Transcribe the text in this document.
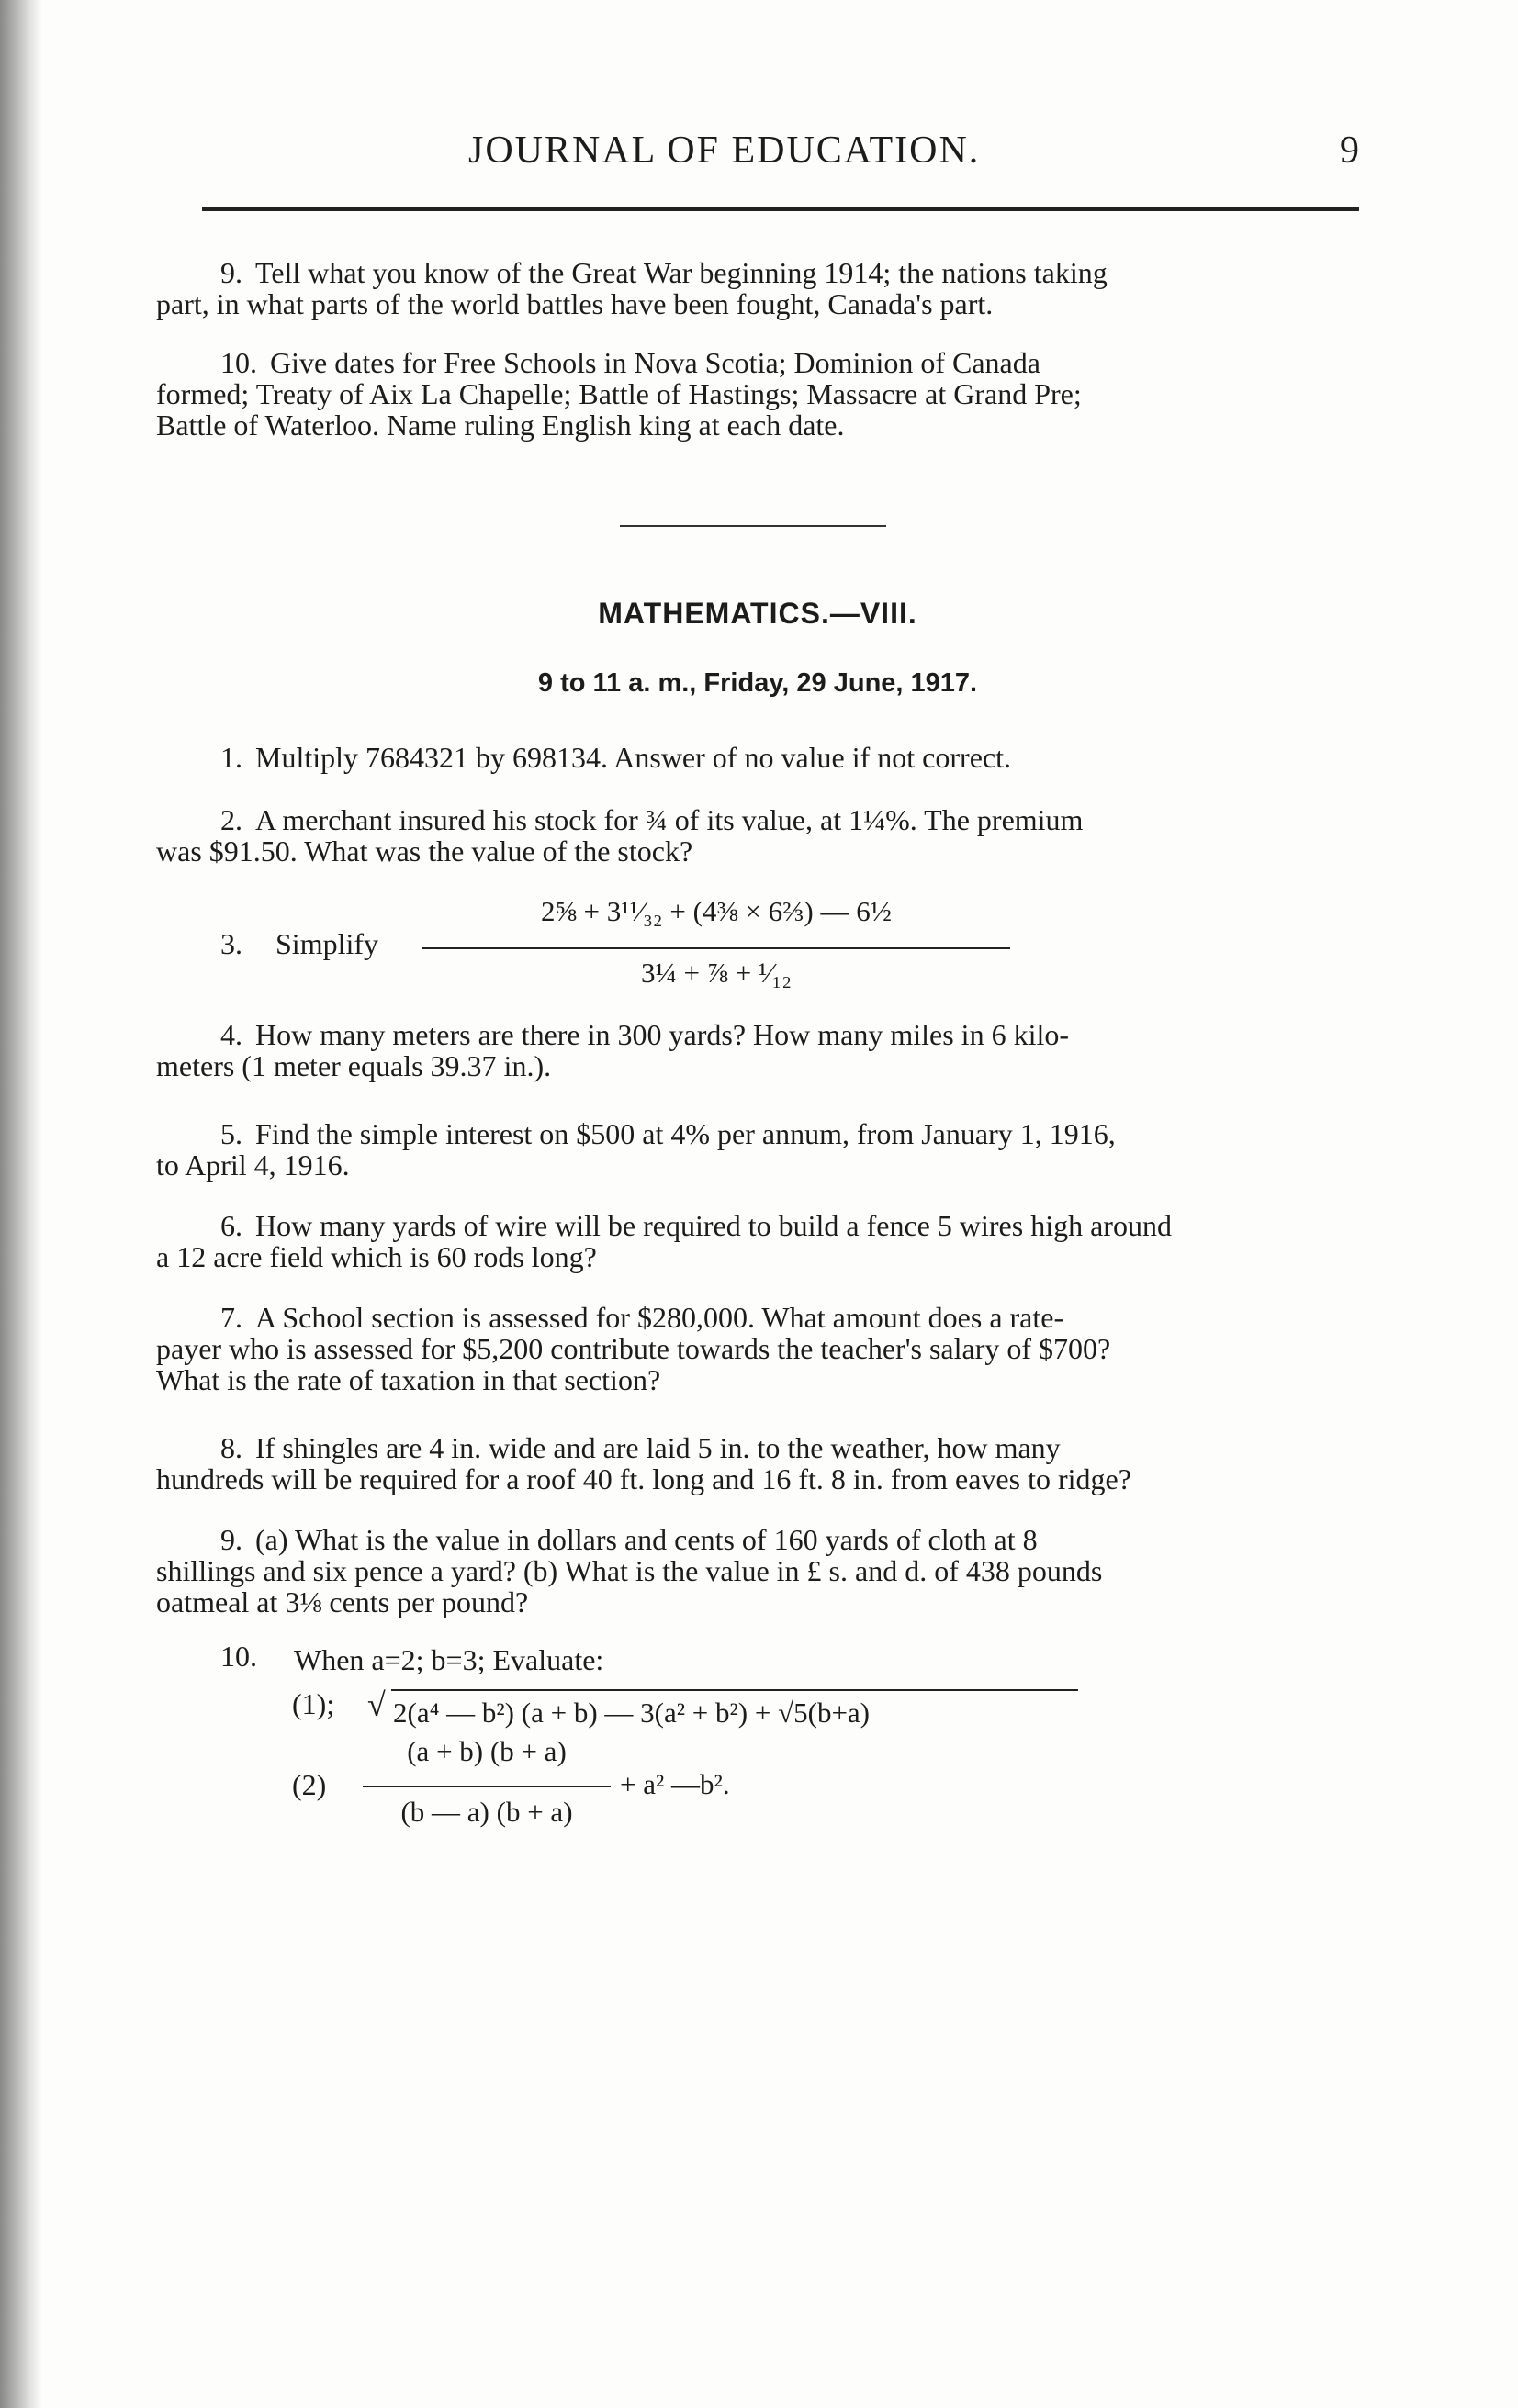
JOURNAL OF EDUCATION.	9
9. Tell what you know of the Great War beginning 1914; the nations taking
part, in what parts of the world battles have been fought, Canada's part.
10. Give dates for Free Schools in Nova Scotia; Dominion of Canada
formed; Treaty of Aix La Chapelle; Battle of Hastings; Massacre at Grand Pre;
Battle of Waterloo. Name ruling English king at each date.
MATHEMATICS.—VIII.
9 to 11 a. m., Friday, 29 June, 1917.
1. Multiply 7684321 by 698134. Answer of no value if not correct.
2. A merchant insured his stock for ¾ of its value, at 1¼%. The premium
was $91.50. What was the value of the stock?
3. Simplify
2⅝ + 3¹¹⁄₃₂ + (4⅜ × 6⅔) — 6½
3¼ + ⅞ + ¹⁄₁₂
4. How many meters are there in 300 yards? How many miles in 6 kilo-
meters (1 meter equals 39.37 in.).
5. Find the simple interest on $500 at 4% per annum, from January 1, 1916,
to April 4, 1916.
6. How many yards of wire will be required to build a fence 5 wires high around
a 12 acre field which is 60 rods long?
7. A School section is assessed for $280,000. What amount does a rate-
payer who is assessed for $5,200 contribute towards the teacher's salary of $700?
What is the rate of taxation in that section?
8. If shingles are 4 in. wide and are laid 5 in. to the weather, how many
hundreds will be required for a roof 40 ft. long and 16 ft. 8 in. from eaves to ridge?
9. (a) What is the value in dollars and cents of 160 yards of cloth at 8
shillings and six pence a yard? (b) What is the value in £ s. and d. of 438 pounds
oatmeal at 3⅛ cents per pound?
10. When a=2; b=3; Evaluate:
(1); √ 2(a⁴ — b²) (a + b) — 3(a² + b²) + √5(b+a)
(2)
(a + b) (b + a)
(b — a) (b + a)
+ a² —b².
